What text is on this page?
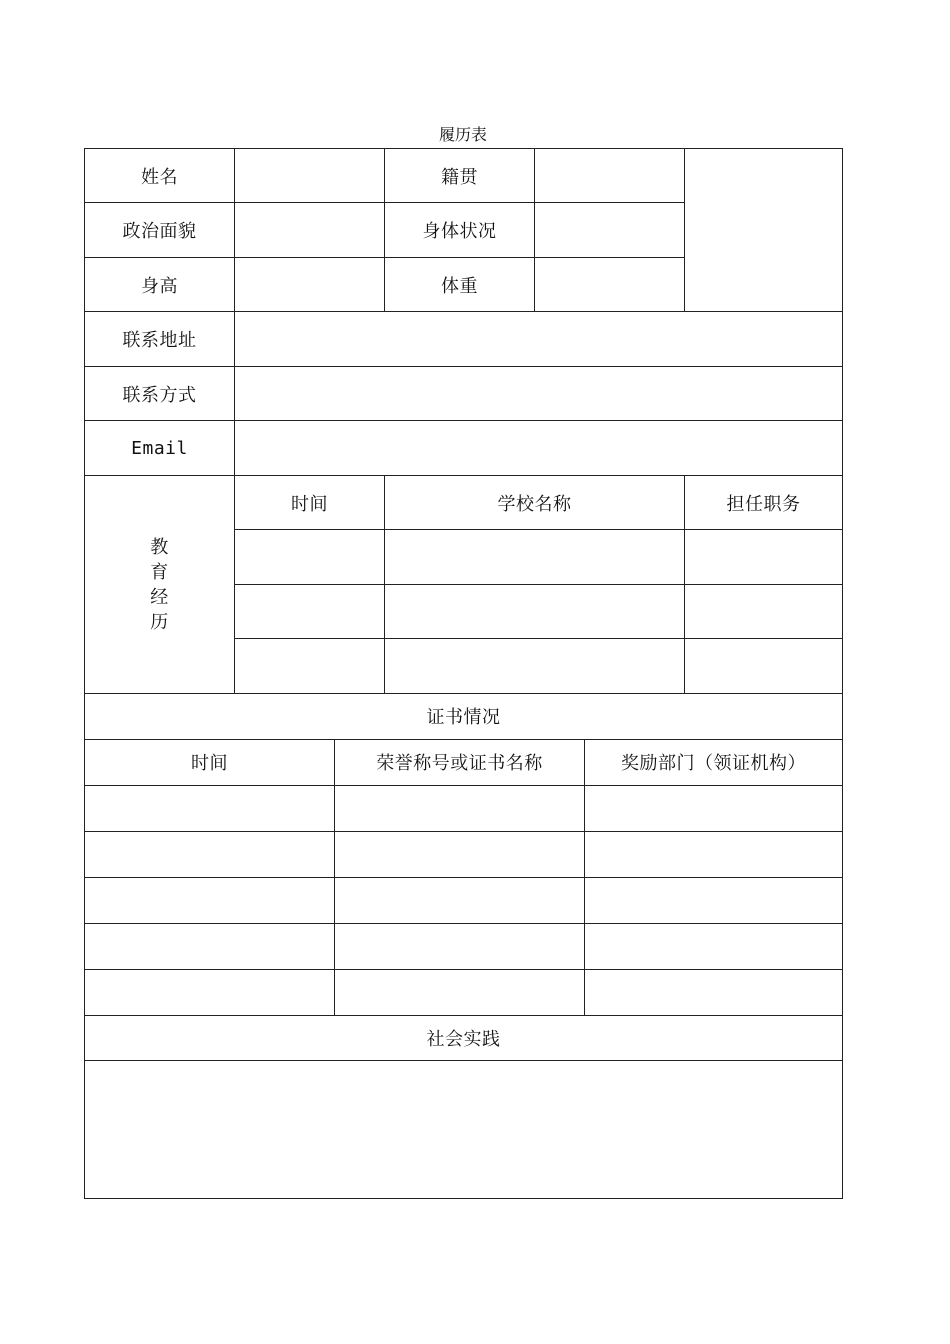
履历表
姓名		籍贯		
政治面貌		身体状况		
身高		体重		
联系地址				
联系方式				
Email				

教
育
经
历	时间	学校名称		担任职务

证书情况		
时间	荣誉称号或证书名称	奖励部门（领证机构）

社会实践		
